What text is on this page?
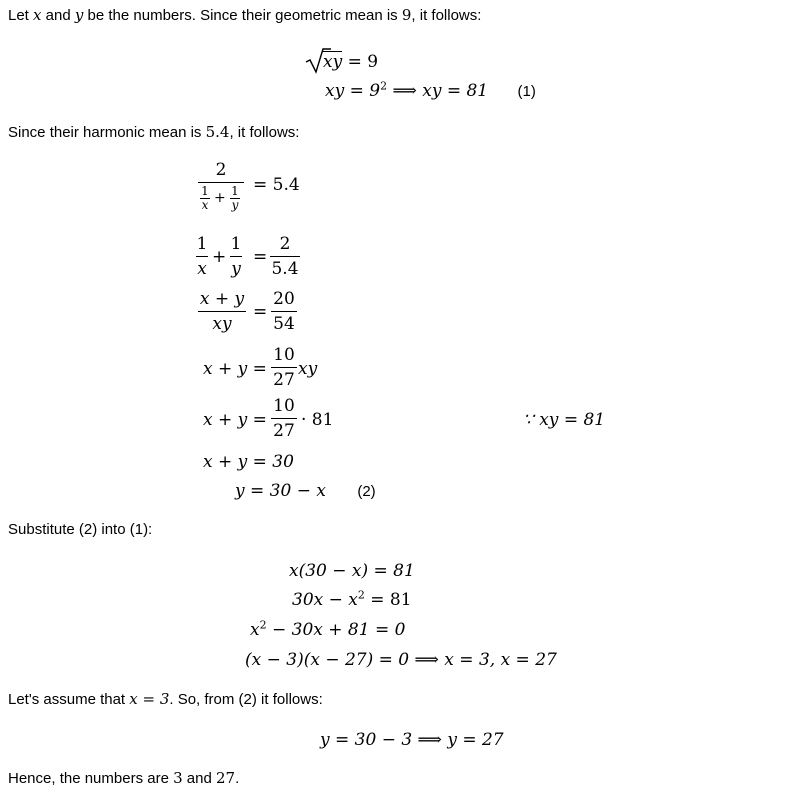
Let x and y be the numbers. Since their geometric mean is 9, it follows:
xy = 9
xy = $9^2$ ⟹ xy = 81 (1)
Since their harmonic mean is 5.4, it follows:
2
$\frac{1}{x} + \frac{1}{y} = 5.4$
$\frac{1}{x} + \frac{1}{y} = \frac{2}{5.4}$
$\frac{x + y}{xy} = \frac{20}{54}$
$x + y = \frac{10}{27}$ xy
$x + y = \frac{10}{27} \cdot 81$	∵ xy = 81
x + y = 30
y = 30 − x (2)
Substitute (2) into (1):
x(30 − x) = 81
$30x - x^2 = 81$
$x^2 - 30x + 81 = 0$
(x − 3)(x − 27) = 0 ⟹ x = 3, x = 27
Let's assume that x = 3. So, from (2) it follows:
y = 30 − 3 ⟹ y = 27
Hence, the numbers are 3 and 27.
